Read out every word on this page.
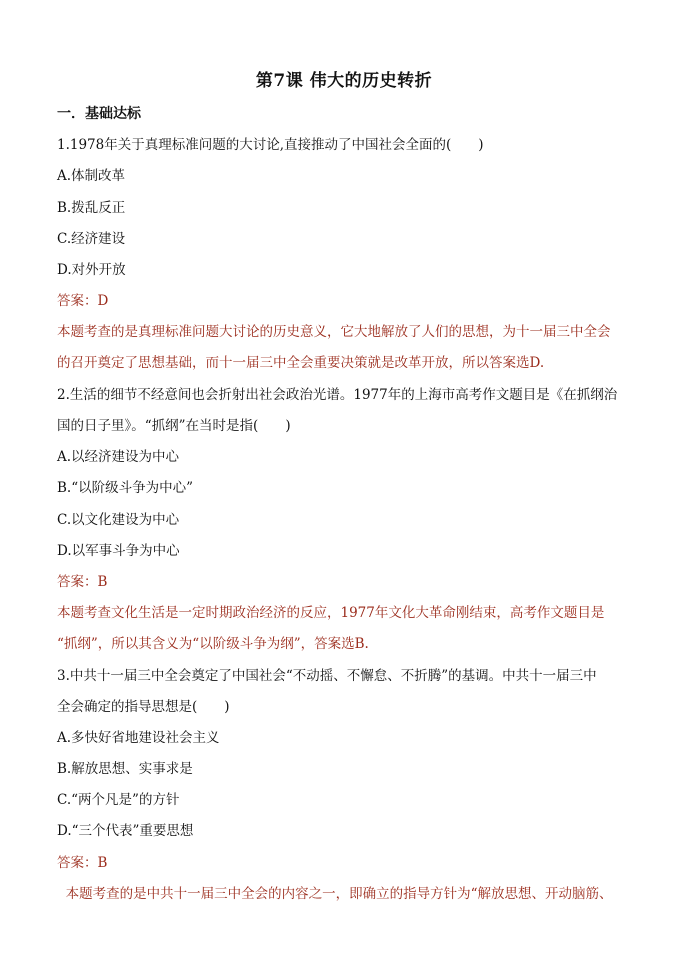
第7课 伟大的历史转折
一．基础达标
1.1978年关于真理标准问题的大讨论,直接推动了中国社会全面的(　　)
A.体制改革
B.拨乱反正
C.经济建设
D.对外开放
答案：D
本题考查的是真理标准问题大讨论的历史意义，它大地解放了人们的思想，为十一届三中全会
的召开奠定了思想基础，而十一届三中全会重要决策就是改革开放，所以答案选D.
2.生活的细节不经意间也会折射出社会政治光谱。1977年的上海市高考作文题目是《在抓纲治
国的日子里》。“抓纲”在当时是指(　　)
A.以经济建设为中心
B.“以阶级斗争为中心”
C.以文化建设为中心
D.以军事斗争为中心
答案：B
本题考查文化生活是一定时期政治经济的反应，1977年文化大革命刚结束，高考作文题目是
“抓纲”，所以其含义为“以阶级斗争为纲”，答案选B.
3.中共十一届三中全会奠定了中国社会“不动摇、不懈怠、不折腾”的基调。中共十一届三中
全会确定的指导思想是(　　)
A.多快好省地建设社会主义
B.解放思想、实事求是
C.“两个凡是”的方针
D.“三个代表”重要思想
答案：B
本题考查的是中共十一届三中全会的内容之一，即确立的指导方针为“解放思想、开动脑筋、
